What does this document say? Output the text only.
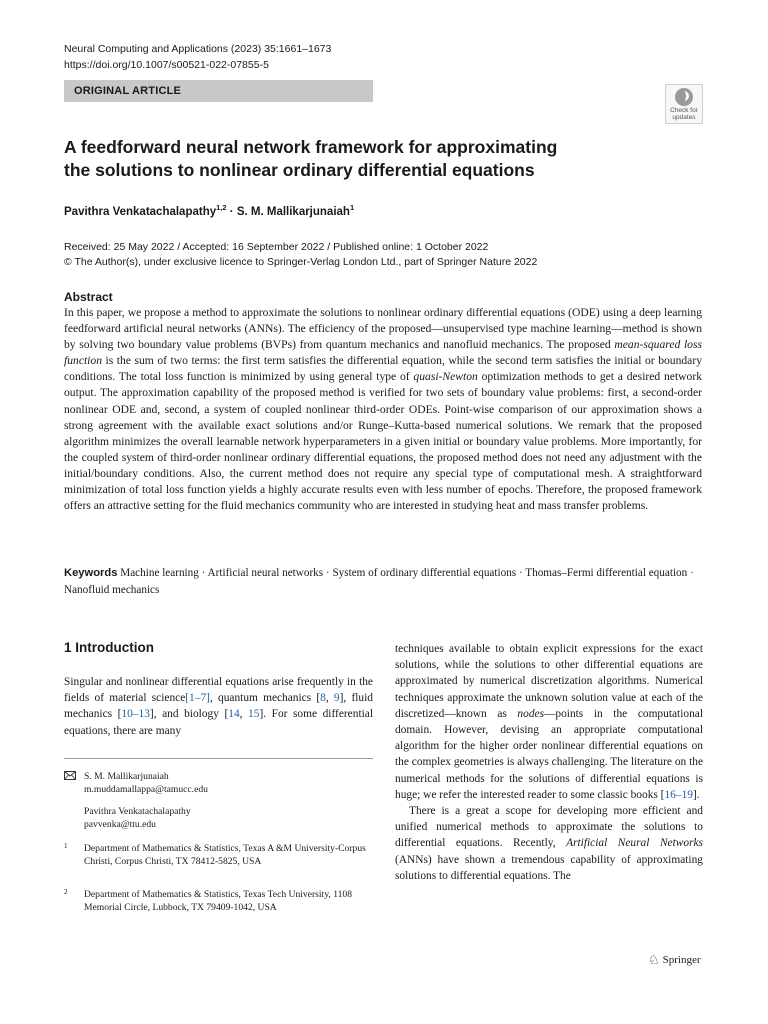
Neural Computing and Applications (2023) 35:1661–1673
https://doi.org/10.1007/s00521-022-07855-5
ORIGINAL ARTICLE
Check for
updates
A feedforward neural network framework for approximating
the solutions to nonlinear ordinary differential equations
Pavithra Venkatachalapathy$^{1,2}$ · S. M. Mallikarjunaiah$^1$
Received: 25 May 2022 / Accepted: 16 September 2022 / Published online: 1 October 2022
© The Author(s), under exclusive licence to Springer-Verlag London Ltd., part of Springer Nature 2022
Abstract
In this paper, we propose a method to approximate the solutions to nonlinear ordinary differential equations (ODE) using a deep learning feedforward artificial neural networks (ANNs). The efficiency of the proposed—unsupervised type machine learning—method is shown by solving two boundary value problems (BVPs) from quantum mechanics and nanofluid mechanics. The proposed mean-squared loss function is the sum of two terms: the first term satisfies the differential equation, while the second term satisfies the initial or boundary conditions. The total loss function is minimized by using general type of quasi-Newton optimization methods to get a desired network output. The approximation capability of the proposed method is verified for two sets of boundary value problems: first, a second-order nonlinear ODE and, second, a system of coupled nonlinear third-order ODEs. Point-wise comparison of our approximation shows a strong agreement with the available exact solutions and/or Runge–Kutta-based numerical solutions. We remark that the proposed algorithm minimizes the overall learnable network hyperparameters in a given initial or boundary value problems. More importantly, for the coupled system of third-order nonlinear ordinary differential equations, the proposed method does not need any adjustment with the initial/boundary conditions. Also, the current method does not require any special type of computational mesh. A straightforward minimization of total loss function yields a highly accurate results even with less number of epochs. Therefore, the proposed framework offers an attractive setting for the fluid mechanics community who are interested in studying heat and mass transfer problems.
Keywords Machine learning · Artificial neural networks · System of ordinary differential equations · Thomas–Fermi differential equation · Nanofluid mechanics
1 Introduction
Singular and nonlinear differential equations arise frequently in the fields of material science[1–7], quantum mechanics [8, 9], fluid mechanics [10–13], and biology [14, 15]. For some differential equations, there are many
S. M. Mallikarjunaiah
m.muddamallappa@tamucc.edu
Pavithra Venkatachalapathy
pavvenka@ttu.edu
1 Department of Mathematics & Statistics, Texas A &M University-Corpus Christi, Corpus Christi, TX 78412-5825, USA
2 Department of Mathematics & Statistics, Texas Tech University, 1108 Memorial Circle, Lubbock, TX 79409-1042, USA

techniques available to obtain explicit expressions for the exact solutions, while the solutions to other differential equations are approximated by numerical discretization algorithms. Numerical techniques approximate the unknown solution value at each of the discretized—known as nodes—points in the computational domain. However, devising an appropriate computational algorithm for the higher order nonlinear differential equations on the complex geometries is always challenging. The literature on the numerical methods for the solutions of differential equations is huge; we refer the interested reader to some classic books [16–19].

There is a great a scope for developing more efficient and unified numerical methods to approximate the solutions to differential equations. Recently, Artificial Neural Networks (ANNs) have shown a tremendous capability of approximating solutions to differential equations. The

♘ Springer
